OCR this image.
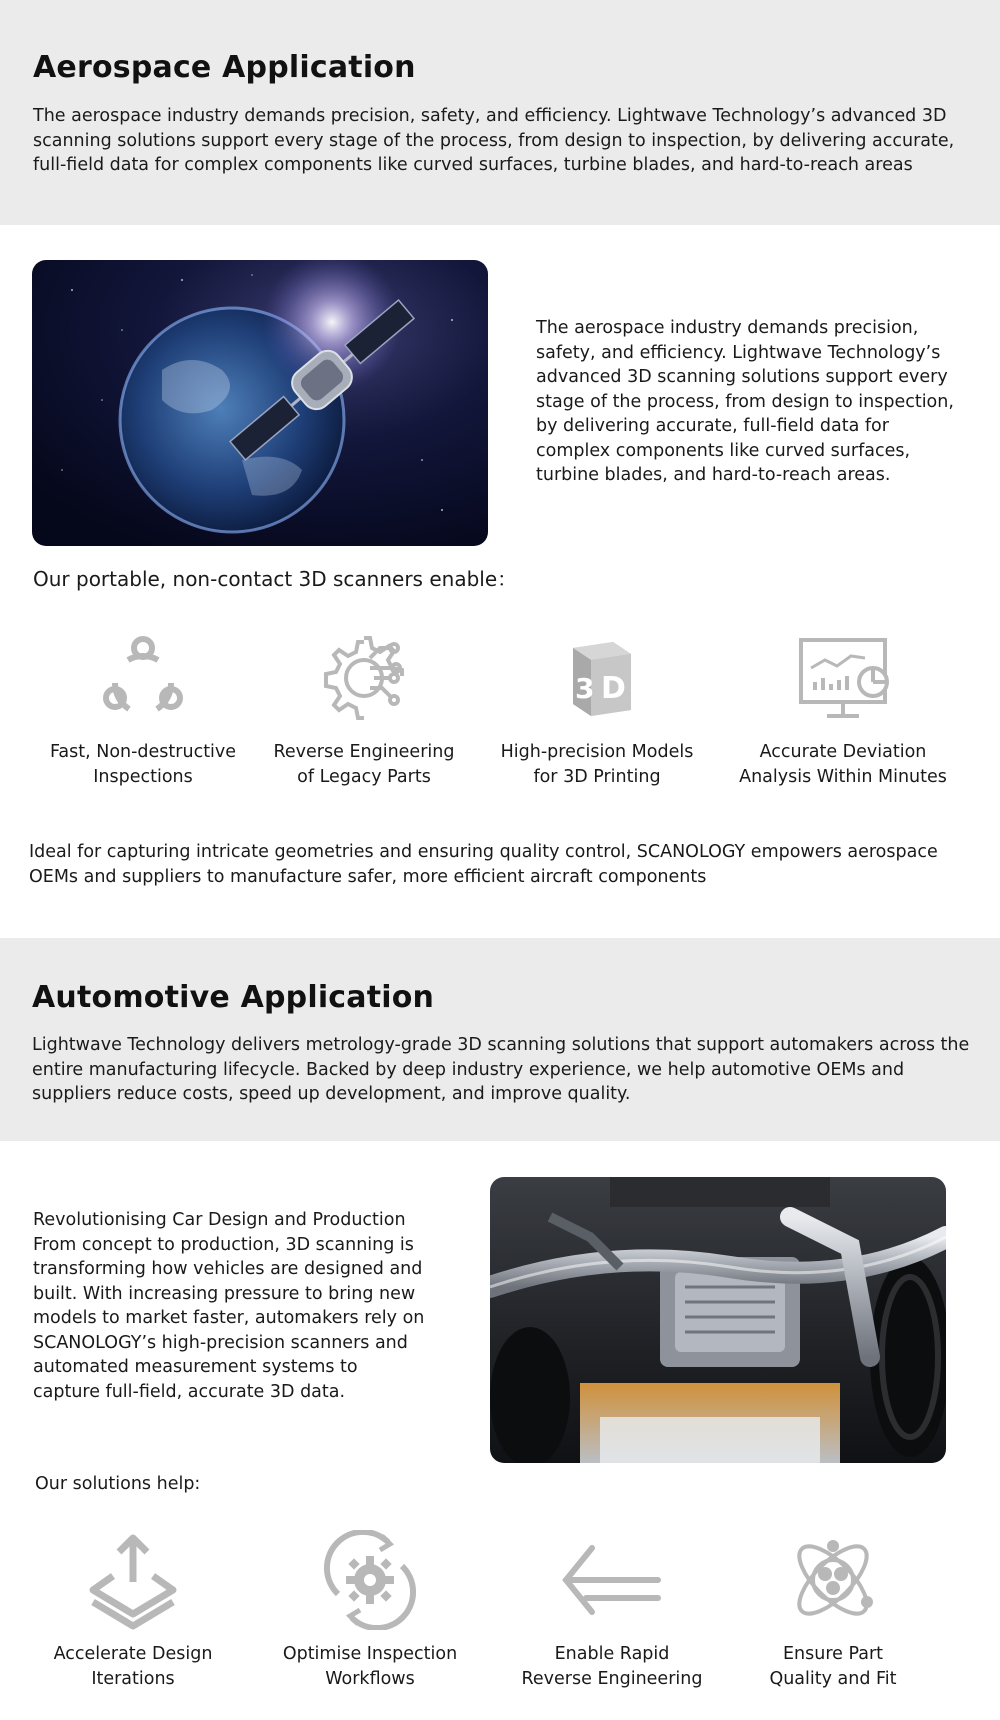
Aerospace Application

The aerospace industry demands precision, safety, and efficiency. Lightwave Technology’s advanced 3D scanning solutions support every stage of the process, from design to inspection, by delivering accurate, full-field data for complex components like curved surfaces, turbine blades, and hard-to-reach areas

The aerospace industry demands precision, safety, and efficiency. Lightwave Technology’s advanced 3D scanning solutions support every stage of the process, from design to inspection, by delivering accurate, full-field data for complex components like curved surfaces, turbine blades, and hard-to-reach areas.

Our portable, non-contact 3D scanners enable：

Fast, Non-destructive
Inspections
Reverse Engineering
of Legacy Parts
3 D
High-precision Models
for 3D Printing
Accurate Deviation
Analysis Within Minutes

Ideal for capturing intricate geometries and ensuring quality control, SCANOLOGY empowers aerospace OEMs and suppliers to manufacture safer, more efficient aircraft components

Automotive Application

Lightwave Technology delivers metrology-grade 3D scanning solutions that support automakers across the entire manufacturing lifecycle. Backed by deep industry experience, we help automotive OEMs and suppliers reduce costs, speed up development, and improve quality.

Revolutionising Car Design and Production
From concept to production, 3D scanning is transforming how vehicles are designed and built. With increasing pressure to bring new models to market faster, automakers rely on SCANOLOGY’s high-precision scanners and automated measurement systems to capture full-field, accurate 3D data.

Our solutions help:

Accelerate Design
Iterations
Optimise Inspection
Workflows
Enable Rapid
Reverse Engineering
Ensure Part
Quality and Fit
